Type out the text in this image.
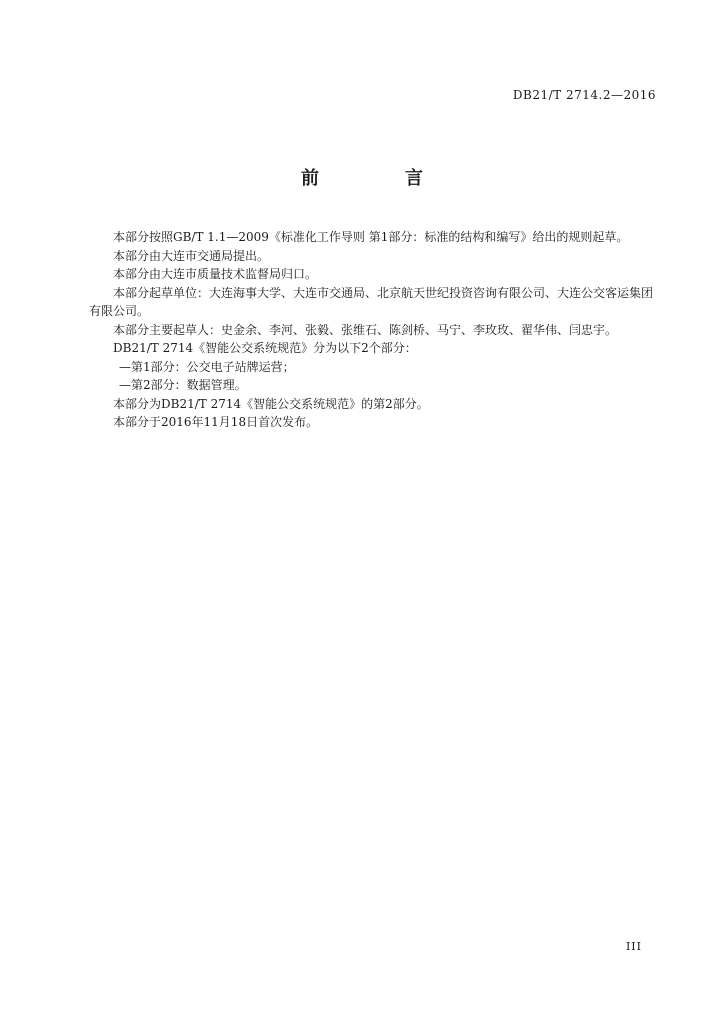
DB21/T 2714.2—2016
前　言

本部分按照GB/T 1.1—2009《标准化工作导则 第1部分：标准的结构和编写》给出的规则起草。

本部分由大连市交通局提出。

本部分由大连市质量技术监督局归口。

本部分起草单位：大连海事大学、大连市交通局、北京航天世纪投资咨询有限公司、大连公交客运集团有限公司。

本部分主要起草人：史金余、李河、张毅、张维石、陈剑桥、马宁、李玫玫、翟华伟、闫忠宇。

DB21/T 2714《智能公交系统规范》分为以下2个部分：

—第1部分：公交电子站牌运营；
—第2部分：数据管理。

本部分为DB21/T 2714《智能公交系统规范》的第2部分。

本部分于2016年11月18日首次发布。

III
